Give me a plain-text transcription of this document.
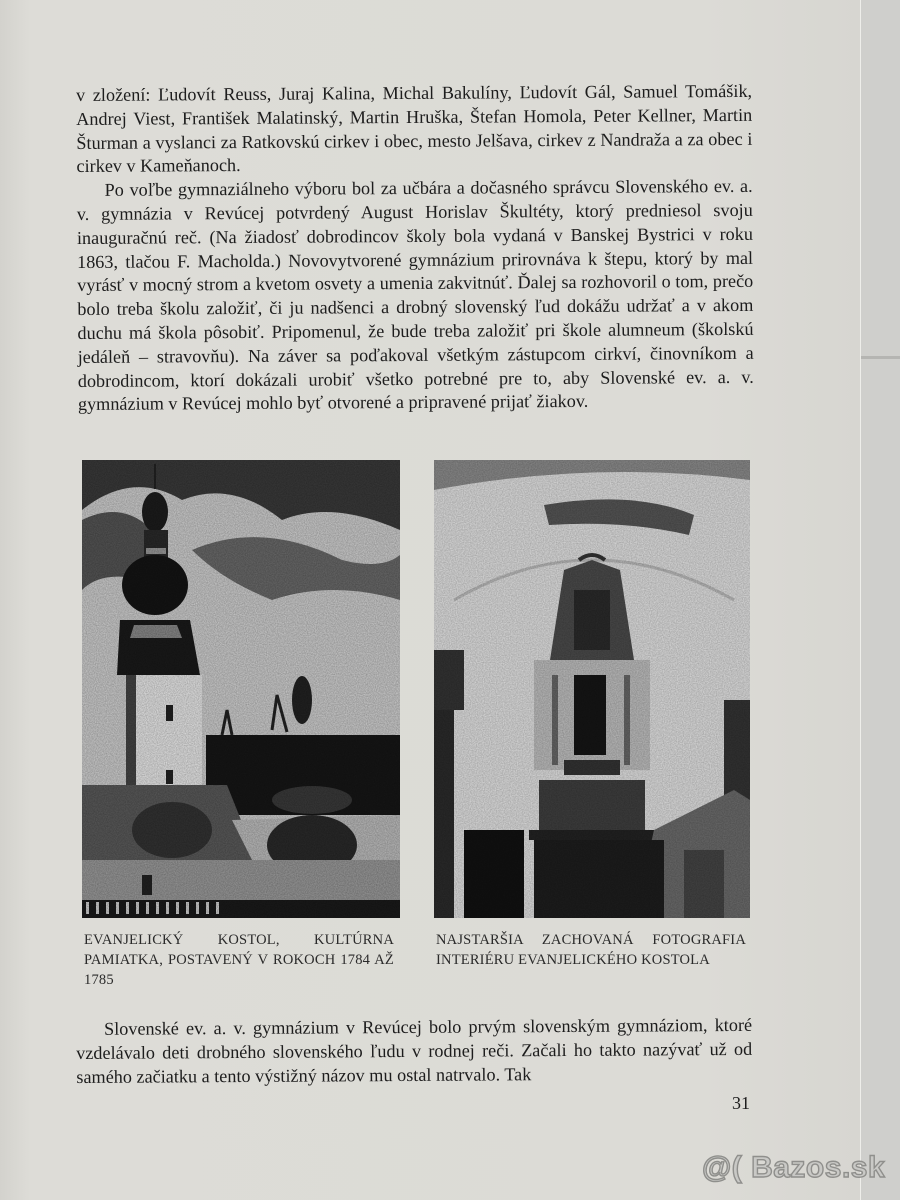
v zložení: Ľudovít Reuss, Juraj Kalina, Michal Bakulíny, Ľudovít Gál, Samuel Tomášik, Andrej Viest, František Malatinský, Martin Hruška, Štefan Homola, Peter Kellner, Martin Šturman a vyslanci za Ratkovskú cirkev i obec, mesto Jelšava, cirkev z Nandraža a za obec i cirkev v Kameňanoch.

Po voľbe gymnaziálneho výboru bol za učbára a dočasného správcu Slovenského ev. a. v. gymnázia v Revúcej potvrdený August Horislav Škultéty, ktorý predniesol svoju inauguračnú reč. (Na žiadosť dobrodincov školy bola vydaná v Banskej Bystrici v roku 1863, tlačou F. Macholda.) Novovytvorené gymnázium prirovnáva k štepu, ktorý by mal vyrásť v mocný strom a kvetom osvety a umenia zakvitnúť. Ďalej sa rozhovoril o tom, prečo bolo treba školu založiť, či ju nadšenci a drobný slovenský ľud dokážu udržať a v akom duchu má škola pôsobiť. Pripomenul, že bude treba založiť pri škole alumneum (školskú jedáleň – stravovňu). Na záver sa poďakoval všetkým zástupcom cirkví, činovníkom a dobrodincom, ktorí dokázali urobiť všetko potrebné pre to, aby Slovenské ev. a. v. gymnázium v Revúcej mohlo byť otvorené a pripravené prijať žiakov.

EVANJELICKÝ KOSTOL, KULTÚRNA PAMIATKA, POSTAVENÝ V ROKOCH 1784 AŽ 1785
NAJSTARŠIA ZACHOVANÁ FOTOGRAFIA INTERIÉRU EVANJELICKÉHO KOSTOLA

Slovenské ev. a. v. gymnázium v Revúcej bolo prvým slovenským gymnáziom, ktoré vzdelávalo deti drobného slovenského ľudu v rodnej reči. Začali ho takto nazývať už od samého začiatku a tento výstižný názov mu ostal natrvalo. Tak

31
@( Bazos.sk
